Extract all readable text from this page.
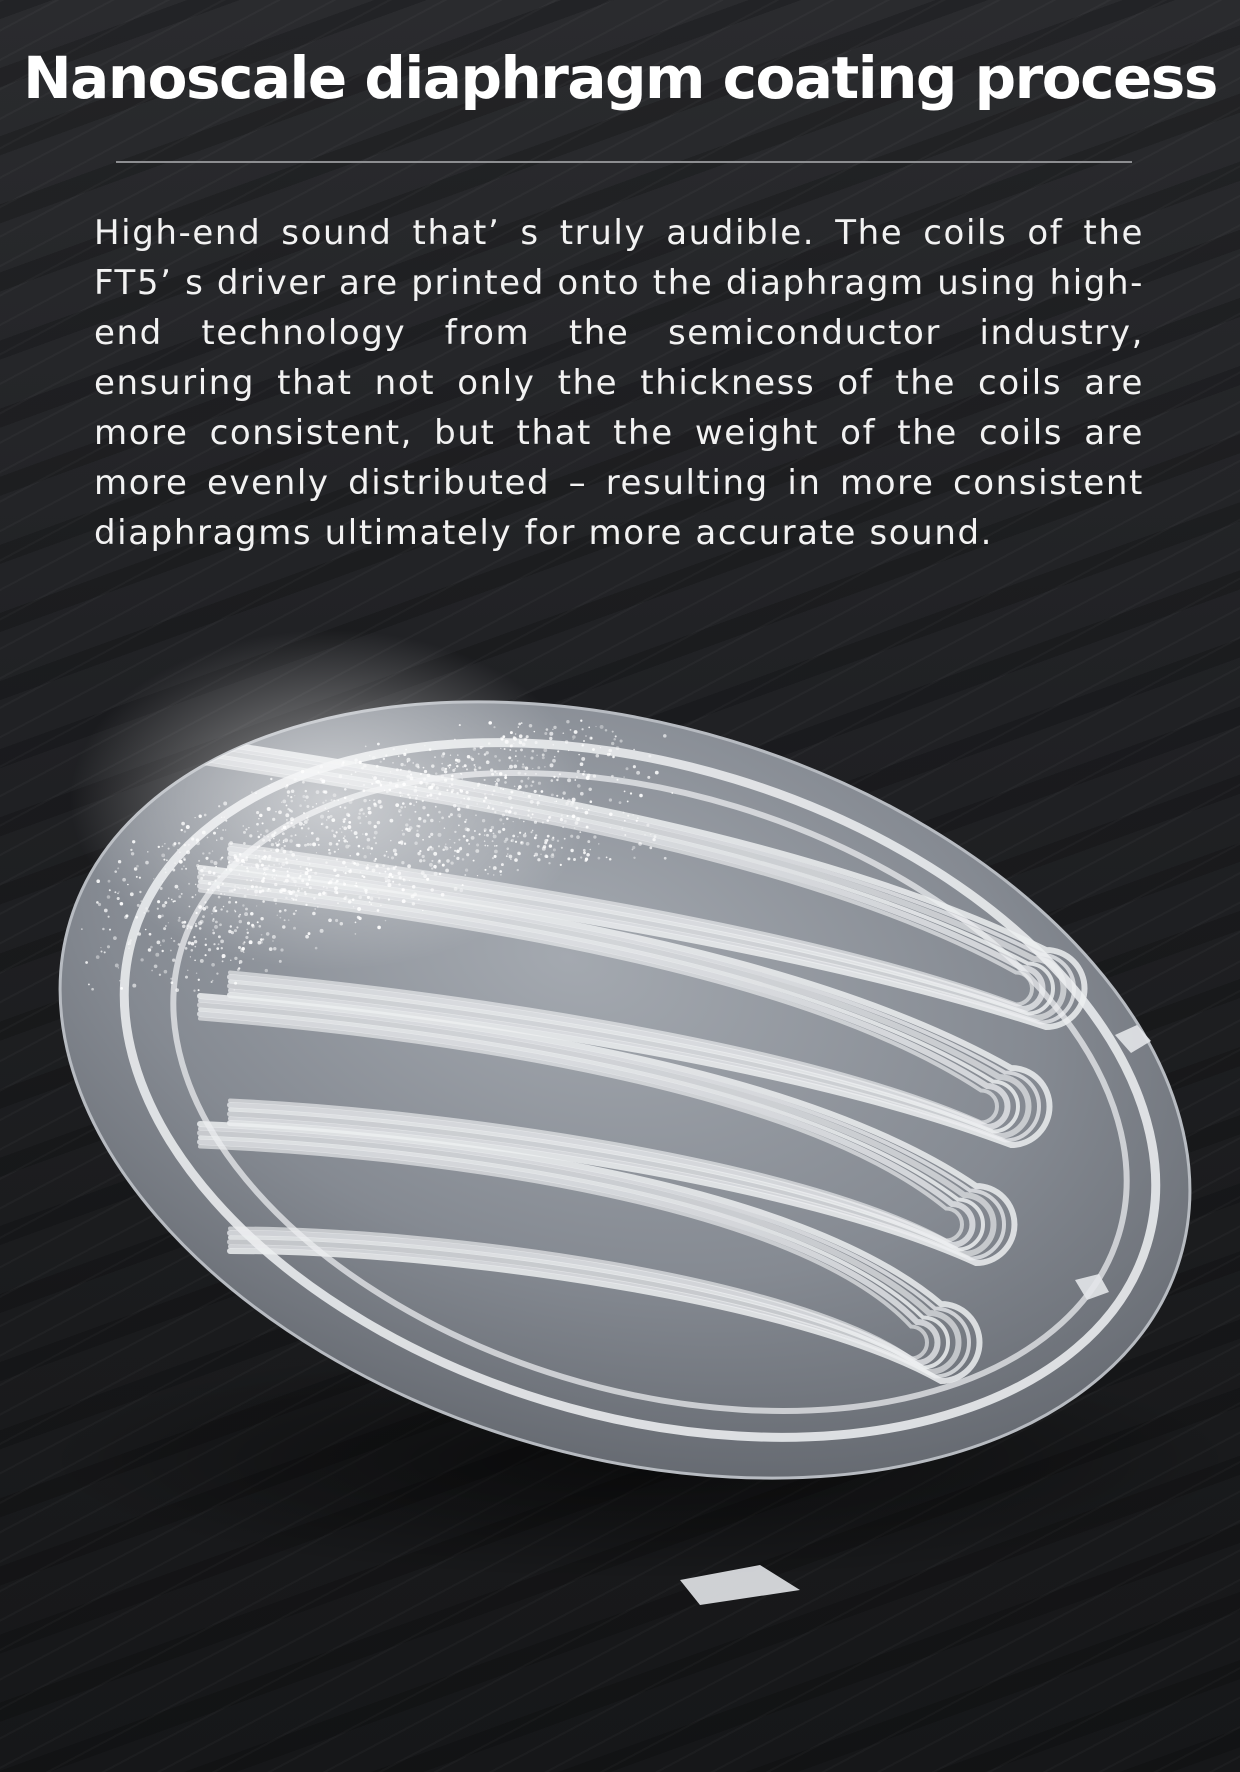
Nanoscale diaphragm coating process

High-end sound that’ s truly audible. The coils of the FT5’ s driver are printed onto the diaphragm using high-end technology from the semiconductor industry, ensuring that not only the thickness of the coils are more consistent, but that the weight of the coils are more evenly distributed – resulting in more consistent diaphragms ultimately for more accurate sound.
